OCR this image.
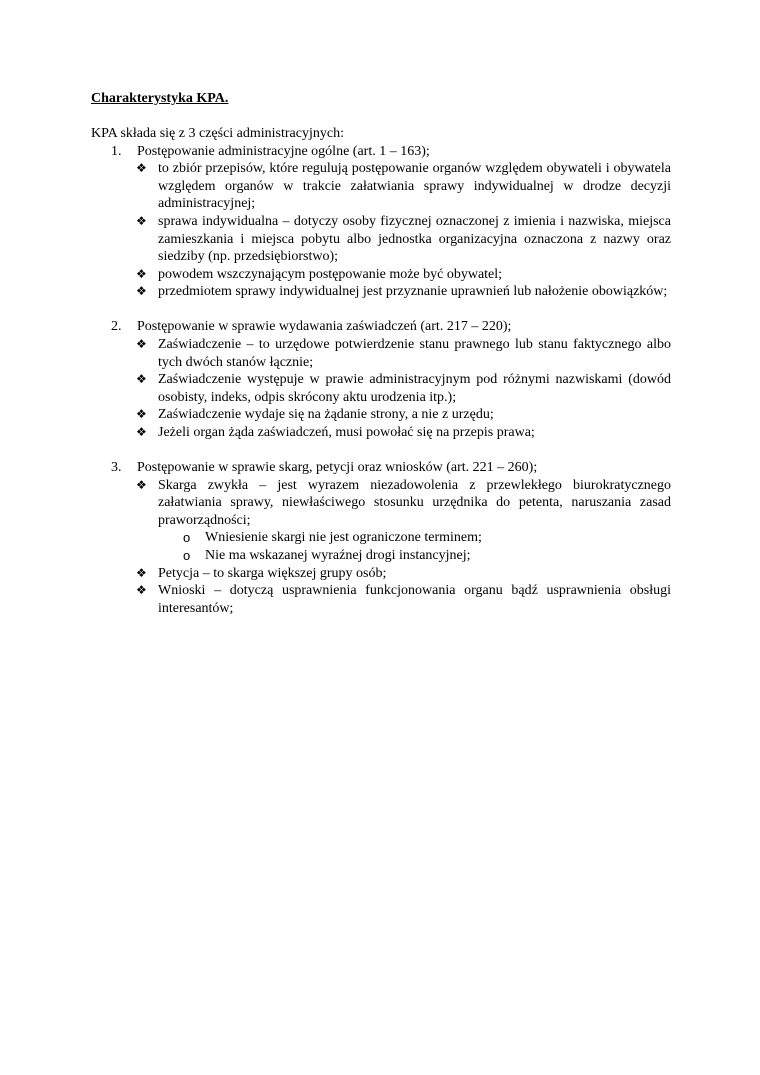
Charakterystyka KPA.
KPA składa się z 3 części administracyjnych:
1.	Postępowanie administracyjne ogólne (art. 1 – 163);
❖ to zbiór przepisów, które regulują postępowanie organów względem obywateli i obywatela względem organów w trakcie załatwiania sprawy indywidualnej w drodze decyzji administracyjnej;
❖ sprawa indywidualna – dotyczy osoby fizycznej oznaczonej z imienia i nazwiska, miejsca zamieszkania i miejsca pobytu albo jednostka organizacyjna oznaczona z nazwy oraz siedziby (np. przedsiębiorstwo);
❖ powodem wszczynającym postępowanie może być obywatel;
❖ przedmiotem sprawy indywidualnej jest przyznanie uprawnień lub nałożenie obowiązków;
2.	Postępowanie w sprawie wydawania zaświadczeń (art. 217 – 220);
❖ Zaświadczenie – to urzędowe potwierdzenie stanu prawnego lub stanu faktycznego albo tych dwóch stanów łącznie;
❖ Zaświadczenie występuje w prawie administracyjnym pod różnymi nazwiskami (dowód osobisty, indeks, odpis skrócony aktu urodzenia itp.);
❖ Zaświadczenie wydaje się na żądanie strony, a nie z urzędu;
❖ Jeżeli organ żąda zaświadczeń, musi powołać się na przepis prawa;
3.	Postępowanie w sprawie skarg, petycji oraz wniosków (art. 221 – 260);
❖ Skarga zwykła – jest wyrazem niezadowolenia z przewlekłego biurokratycznego załatwiania sprawy, niewłaściwego stosunku urzędnika do petenta, naruszania zasad praworządności;
o	Wniesienie skargi nie jest ograniczone terminem;
o	Nie ma wskazanej wyraźnej drogi instancyjnej;
❖ Petycja – to skarga większej grupy osób;
❖ Wnioski – dotyczą usprawnienia funkcjonowania organu bądź usprawnienia obsługi interesantów;
